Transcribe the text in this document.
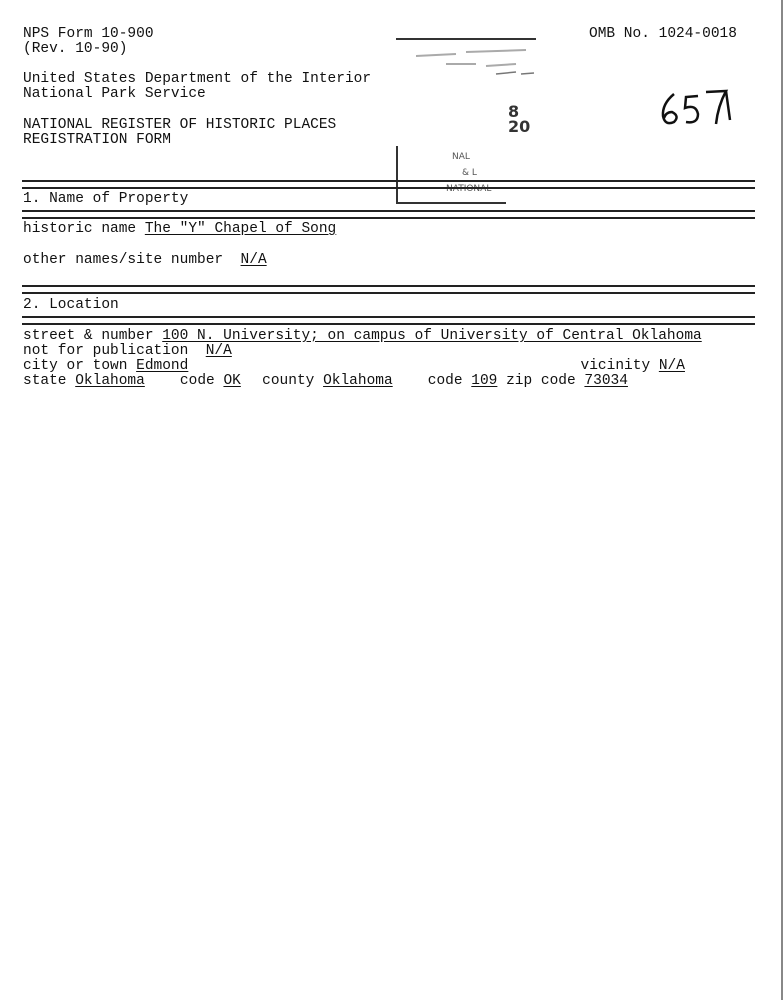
NPS Form 10-900
(Rev. 10-90)
OMB No. 1024-0018
United States Department of the Interior
National Park Service
NATIONAL REGISTER OF HISTORIC PLACES
REGISTRATION FORM
8 20
NAL
& L
NATIONAL
1. Name of Property
historic name The "Y" Chapel of Song
other names/site number N/A
2. Location
street & number 100 N. University; on campus of University of Central Oklahoma
not for publication N/A
city or town Edmond	vicinity N/A
state Oklahoma code OK county Oklahoma code 109 zip code 73034
